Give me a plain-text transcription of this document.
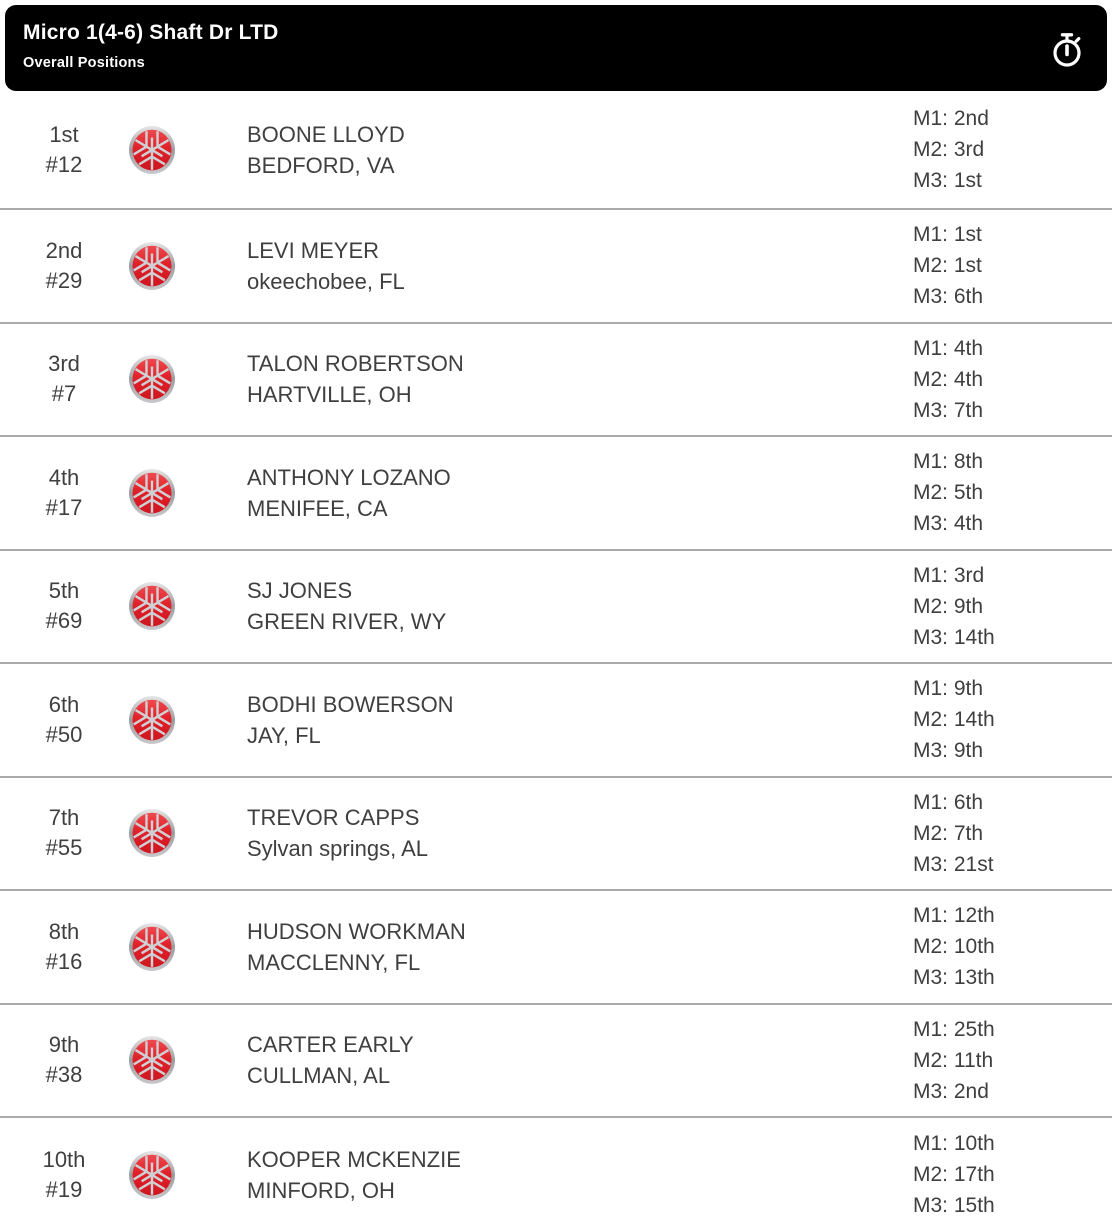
Micro 1(4-6) Shaft Dr LTD
Overall Positions
1st
#12
BOONE LLOYD
BEDFORD, VA
M1: 2nd
M2: 3rd
M3: 1st
2nd
#29
LEVI MEYER
okeechobee, FL
M1: 1st
M2: 1st
M3: 6th
3rd
#7
TALON ROBERTSON
HARTVILLE, OH
M1: 4th
M2: 4th
M3: 7th
4th
#17
ANTHONY LOZANO
MENIFEE, CA
M1: 8th
M2: 5th
M3: 4th
5th
#69
SJ JONES
GREEN RIVER, WY
M1: 3rd
M2: 9th
M3: 14th
6th
#50
BODHI BOWERSON
JAY, FL
M1: 9th
M2: 14th
M3: 9th
7th
#55
TREVOR CAPPS
Sylvan springs, AL
M1: 6th
M2: 7th
M3: 21st
8th
#16
HUDSON WORKMAN
MACCLENNY, FL
M1: 12th
M2: 10th
M3: 13th
9th
#38
CARTER EARLY
CULLMAN, AL
M1: 25th
M2: 11th
M3: 2nd
10th
#19
KOOPER MCKENZIE
MINFORD, OH
M1: 10th
M2: 17th
M3: 15th
